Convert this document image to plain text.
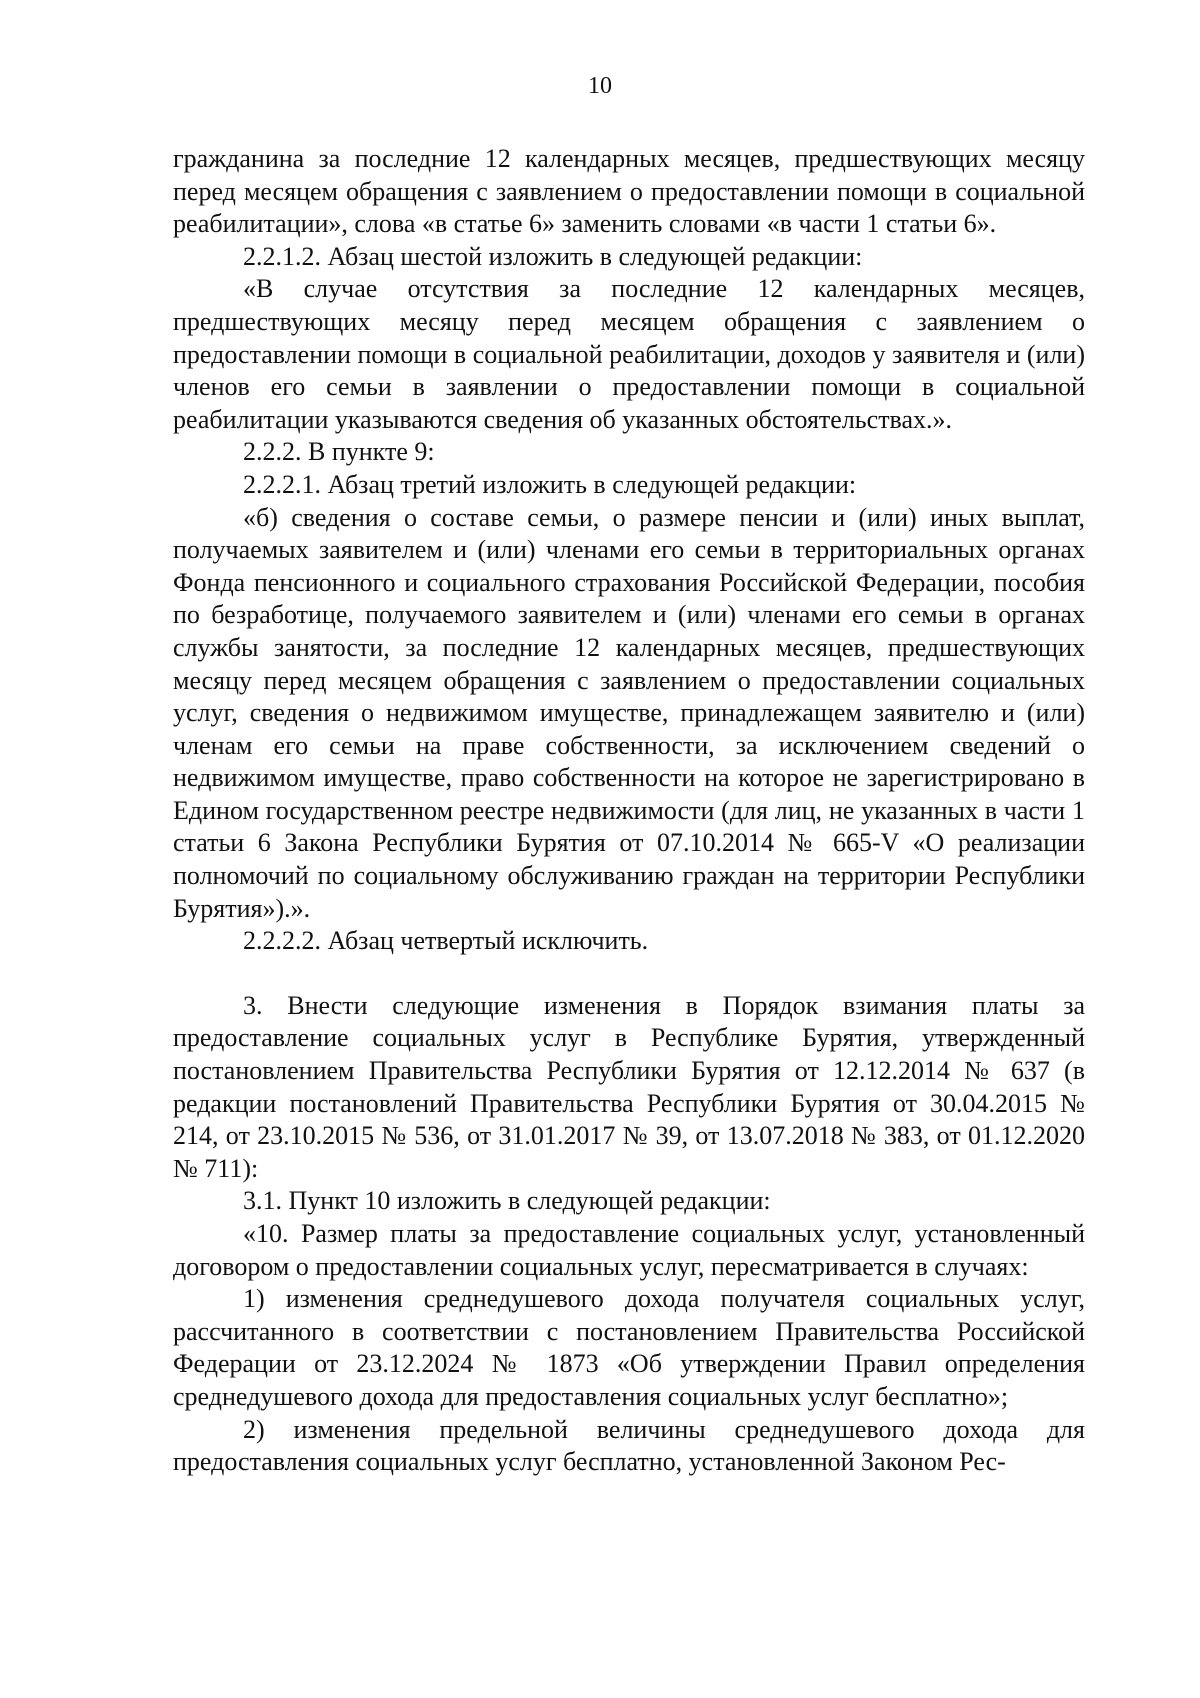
10

гражданина за последние 12 календарных месяцев, предшествующих месяцу перед месяцем обращения с заявлением о предоставлении помощи в социальной реабилитации», слова «в статье 6» заменить словами «в части 1 статьи 6».

2.2.1.2. Абзац шестой изложить в следующей редакции:

«В случае отсутствия за последние 12 календарных месяцев, предшествующих месяцу перед месяцем обращения с заявлением о предоставлении помощи в социальной реабилитации, доходов у заявителя и (или) членов его семьи в заявлении о предоставлении помощи в социальной реабилитации указываются сведения об указанных обстоятельствах.».

2.2.2. В пункте 9:

2.2.2.1. Абзац третий изложить в следующей редакции:

«б) сведения о составе семьи, о размере пенсии и (или) иных выплат, получаемых заявителем и (или) членами его семьи в территориальных органах Фонда пенсионного и социального страхования Российской Федерации, пособия по безработице, получаемого заявителем и (или) членами его семьи в органах службы занятости, за последние 12 календарных месяцев, предшествующих месяцу перед месяцем обращения с заявлением о предоставлении социальных услуг, сведения о недвижимом имуществе, принадлежащем заявителю и (или) членам его семьи на праве собственности, за исключением сведений о недвижимом имуществе, право собственности на которое не зарегистрировано в Едином государственном реестре недвижимости (для лиц, не указанных в части 1 статьи 6 Закона Республики Бурятия от 07.10.2014 № 665-V «О реализации полномочий по социальному обслуживанию граждан на территории Республики Бурятия»).».

2.2.2.2. Абзац четвертый исключить.

3. Внести следующие изменения в Порядок взимания платы за предоставление социальных услуг в Республике Бурятия, утвержденный постановлением Правительства Республики Бурятия от 12.12.2014 № 637 (в редакции постановлений Правительства Республики Бурятия от 30.04.2015 № 214, от 23.10.2015 № 536, от 31.01.2017 № 39, от 13.07.2018 № 383, от 01.12.2020 № 711):

3.1. Пункт 10 изложить в следующей редакции:

«10. Размер платы за предоставление социальных услуг, установленный договором о предоставлении социальных услуг, пересматривается в случаях:

1) изменения среднедушевого дохода получателя социальных услуг, рассчитанного в соответствии с постановлением Правительства Российской Федерации от 23.12.2024 № 1873 «Об утверждении Правил определения среднедушевого дохода для предоставления социальных услуг бесплатно»;

2) изменения предельной величины среднедушевого дохода для предоставления социальных услуг бесплатно, установленной Законом Рес-
